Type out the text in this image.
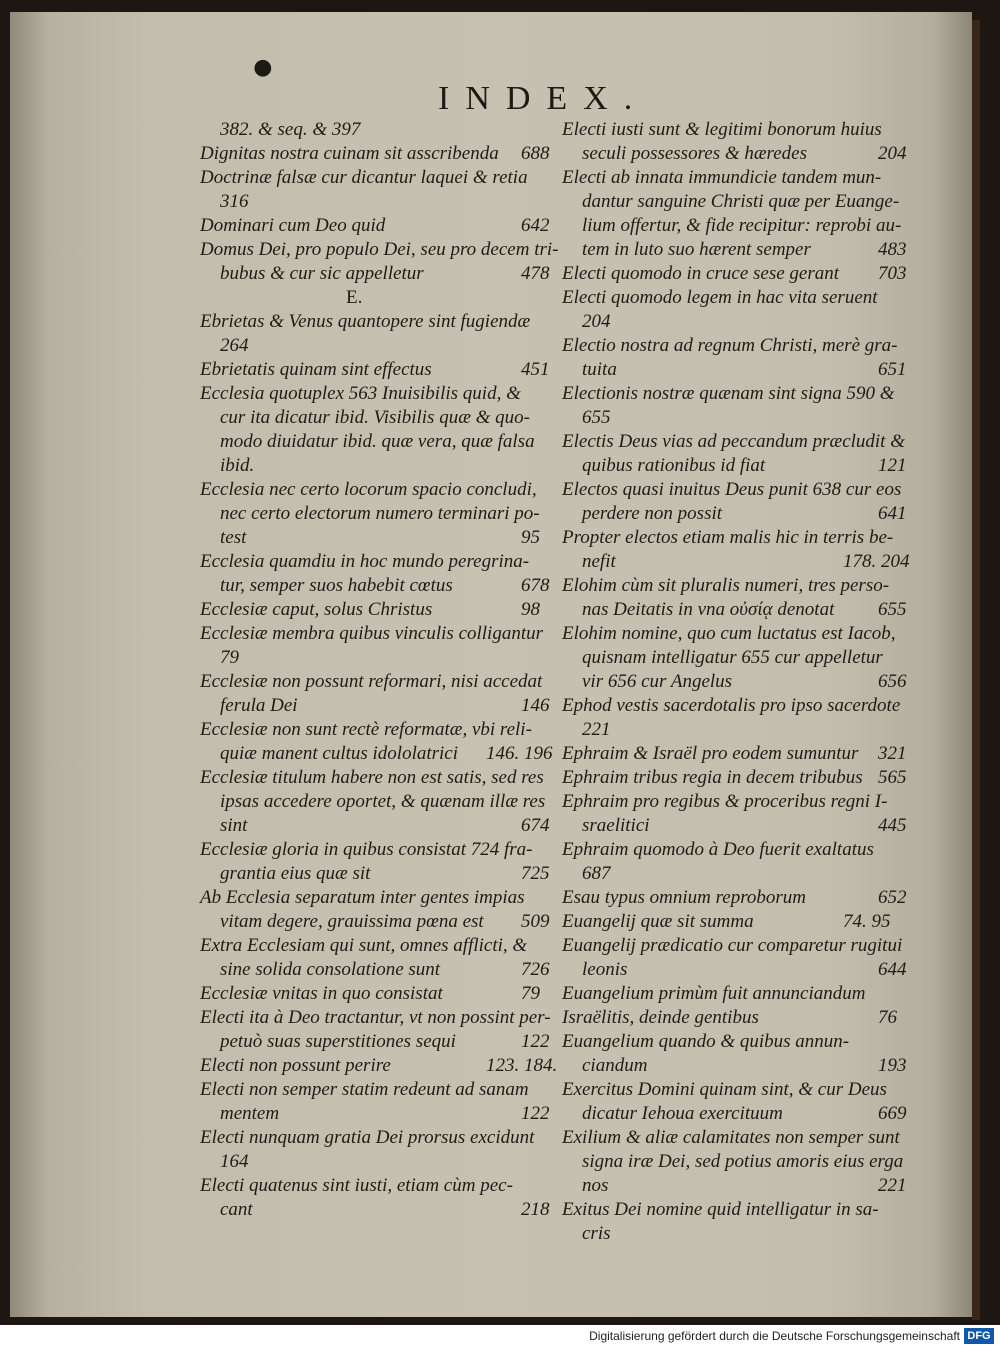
●
INDEX.
382. & seq. & 397
Dignitas nostra cuinam sit asscribenda 688
Doctrinæ falsæ cur dicantur laquei & retia
316
Dominari cum Deo quid	642
Domus Dei, pro populo Dei, seu pro decem tri-
bubus & cur sic appelletur	478
E.
Ebrietas & Venus quantopere sint fugiendæ
264
Ebrietatis quinam sint effectus	451
Ecclesia quotuplex 563 Inuisibilis quid, &
cur ita dicatur ibid. Visibilis quæ & quo-
modo diuidatur ibid. quæ vera, quæ falsa
ibid.
Ecclesia nec certo locorum spacio concludi,
nec certo electorum numero terminari po-
test	95
Ecclesia quamdiu in hoc mundo peregrina-
tur, semper suos habebit cœtus	678
Ecclesiæ caput, solus Christus	98
Ecclesiæ membra quibus vinculis colligantur
79
Ecclesiæ non possunt reformari, nisi accedat
ferula Dei	146
Ecclesiæ non sunt rectè reformatæ, vbi reli-
quiæ manent cultus idololatrici 146. 196
Ecclesiæ titulum habere non est satis, sed res
ipsas accedere oportet, & quænam illæ res
sint	674
Ecclesiæ gloria in quibus consistat 724 fra-
grantia eius quæ sit	725
Ab Ecclesia separatum inter gentes impias
vitam degere, grauissima pœna est 509
Extra Ecclesiam qui sunt, omnes afflicti, &
sine solida consolatione sunt	726
Ecclesiæ vnitas in quo consistat	79
Electi ita à Deo tractantur, vt non possint per-
petuò suas superstitiones sequi	122
Electi non possunt perire	123. 184.
Electi non semper statim redeunt ad sanam
mentem	122
Electi nunquam gratia Dei prorsus excidunt
164
Electi quatenus sint iusti, etiam cùm pec-
cant	218
Electi iusti sunt & legitimi bonorum huius
seculi possessores & hæredes	204
Electi ab innata immundicie tandem mun-
dantur sanguine Christi quæ per Euange-
lium offertur, & fide recipitur: reprobi au-
tem in luto suo hærent semper	483
Electi quomodo in cruce sese gerant 703
Electi quomodo legem in hac vita seruent
204
Electio nostra ad regnum Christi, merè gra-
tuita	651
Electionis nostræ quænam sint signa 590 &
655
Electis Deus vias ad peccandum præcludit &
quibus rationibus id fiat	121
Electos quasi inuitus Deus punit 638 cur eos
perdere non possit	641
Propter electos etiam malis hic in terris be-
nefit	178. 204
Elohim cùm sit pluralis numeri, tres perso-
nas Deitatis in vna οὐσίᾳ denotat 655
Elohim nomine, quo cum luctatus est Iacob,
quisnam intelligatur 655 cur appelletur
vir 656 cur Angelus	656
Ephod vestis sacerdotalis pro ipso sacerdote
221
Ephraim & Israël pro eodem sumuntur 321
Ephraim tribus regia in decem tribubus 565
Ephraim pro regibus & proceribus regni I-
sraelitici	445
Ephraim quomodo à Deo fuerit exaltatus
687
Esau typus omnium reproborum	652
Euangelij quæ sit summa	74. 95
Euangelij prædicatio cur comparetur rugitui
leonis	644
Euangelium primùm fuit annunciandum
Israëlitis, deinde gentibus	76
Euangelium quando & quibus annun-
ciandum	193
Exercitus Domini quinam sint, & cur Deus
dicatur Iehoua exercituum	669
Exilium & aliæ calamitates non semper sunt
signa iræ Dei, sed potius amoris eius erga
nos	221
Exitus Dei nomine quid intelligatur in sa-
cris
Digitalisierung gefördert durch die Deutsche Forschungsgemeinschaft DFG
